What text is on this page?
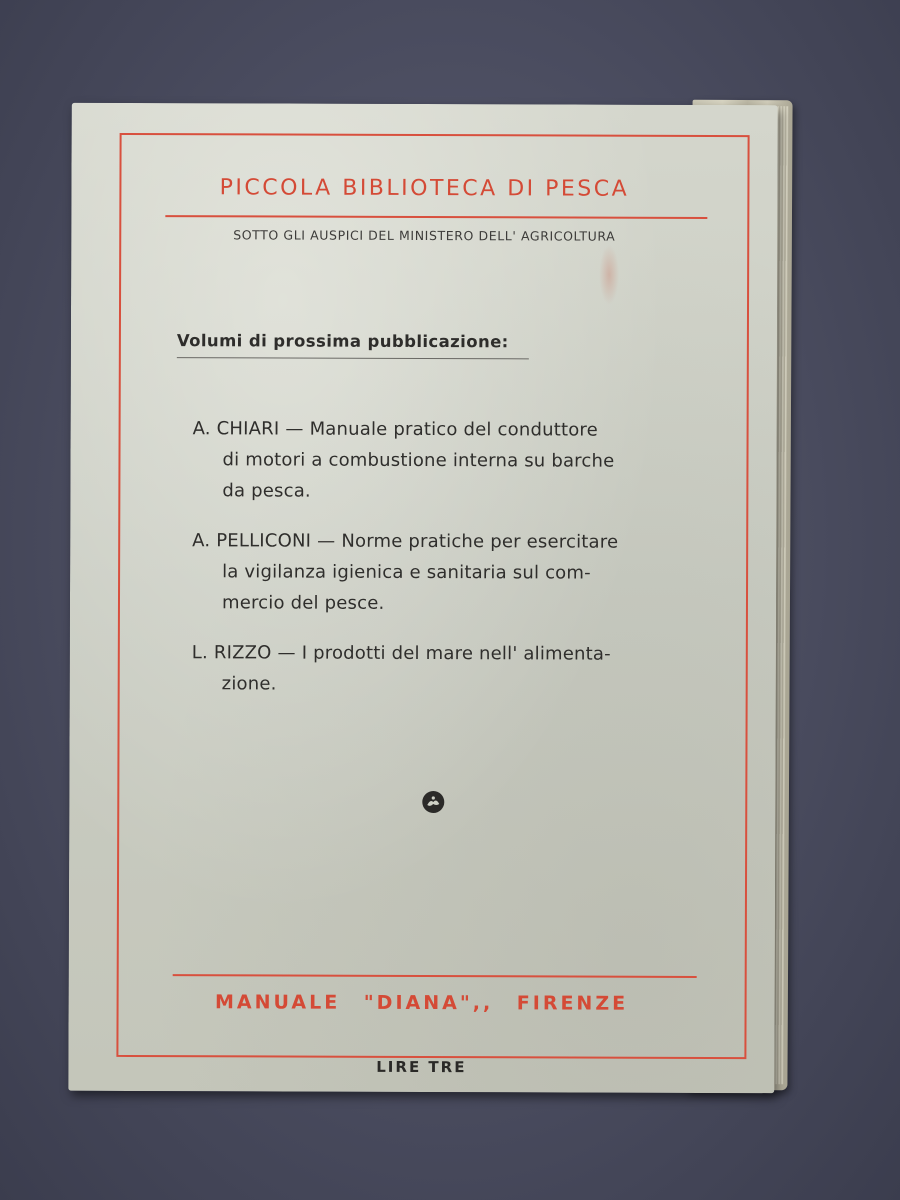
PICCOLA BIBLIOTECA DI PESCA
SOTTO GLI AUSPICI DEL MINISTERO DELL' AGRICOLTURA
Volumi di prossima pubblicazione:
A. CHIARI — Manuale pratico del conduttore
di motori a combustione interna su barche
da pesca.
A. PELLICONI — Norme pratiche per esercitare
la vigilanza igienica e sanitaria sul com-
mercio del pesce.
L. RIZZO — I prodotti del mare nell' alimenta-
zione.
MANUALE "DIANA",, FIRENZE
LIRE TRE
